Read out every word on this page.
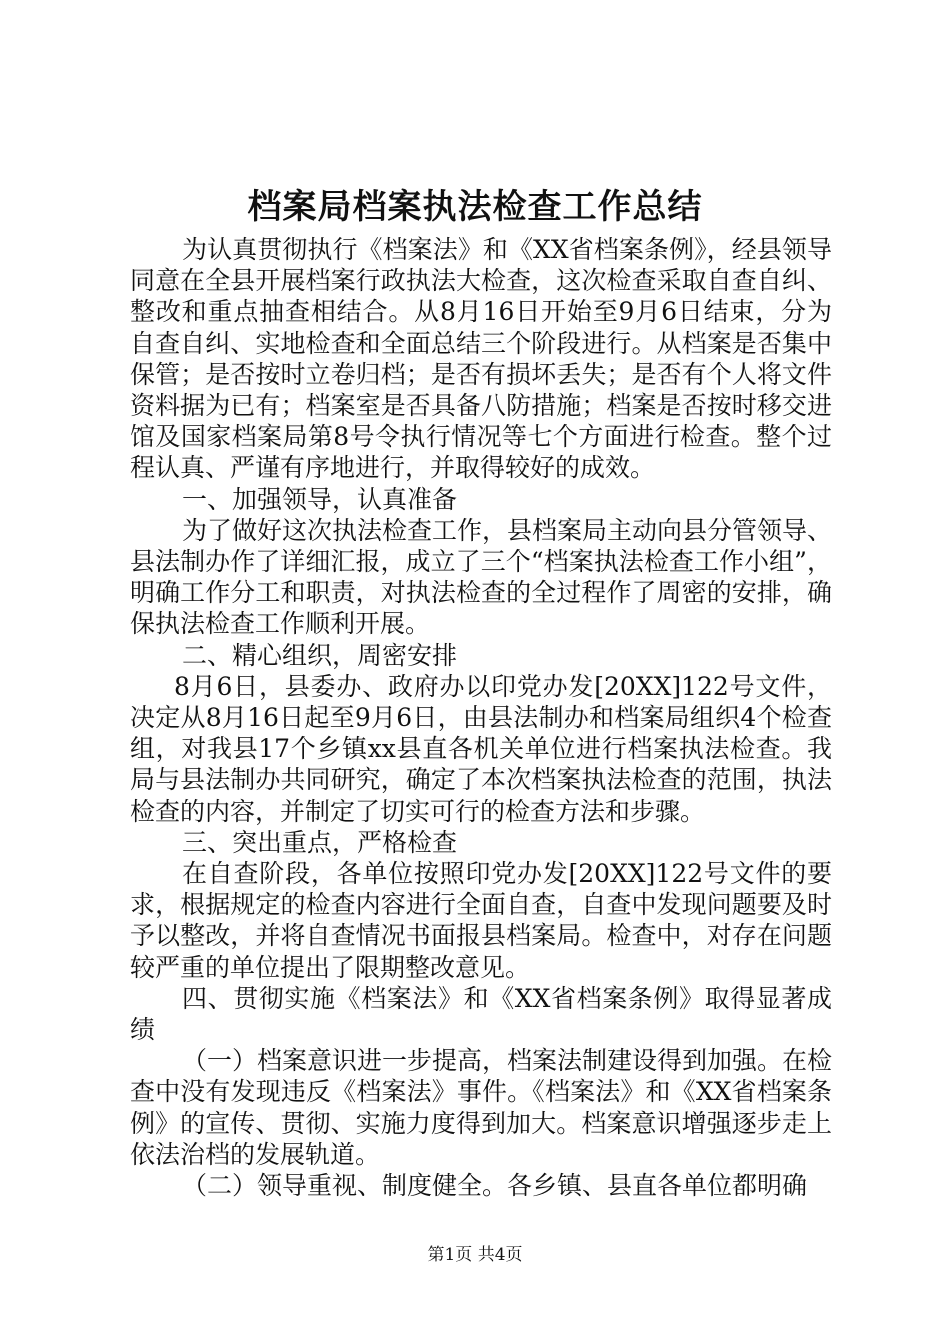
档案局档案执法检查工作总结

为认真贯彻执行《档案法》和《XX省档案条例》，经县领导同意在全县开展档案行政执法大检查，这次检查采取自查自纠、整改和重点抽查相结合。从8月16日开始至9月6日结束，分为自查自纠、实地检查和全面总结三个阶段进行。从档案是否集中保管；是否按时立卷归档；是否有损坏丢失；是否有个人将文件资料据为已有；档案室是否具备八防措施；档案是否按时移交进馆及国家档案局第8号令执行情况等七个方面进行检查。整个过程认真、严谨有序地进行，并取得较好的成效。

一、加强领导，认真准备

为了做好这次执法检查工作，县档案局主动向县分管领导、县法制办作了详细汇报，成立了三个“档案执法检查工作小组”，明确工作分工和职责，对执法检查的全过程作了周密的安排，确保执法检查工作顺利开展。

二、精心组织，周密安排

8月6日，县委办、政府办以印党办发[20XX]122号文件，决定从8月16日起至9月6日，由县法制办和档案局组织4个检查组，对我县17个乡镇xx县直各机关单位进行档案执法检查。我局与县法制办共同研究，确定了本次档案执法检查的范围，执法检查的内容，并制定了切实可行的检查方法和步骤。

三、突出重点，严格检查

在自查阶段，各单位按照印党办发[20XX]122号文件的要求，根据规定的检查内容进行全面自查，自查中发现问题要及时予以整改，并将自查情况书面报县档案局。检查中，对存在问题较严重的单位提出了限期整改意见。

四、贯彻实施《档案法》和《XX省档案条例》取得显著成绩

（一）档案意识进一步提高，档案法制建设得到加强。在检查中没有发现违反《档案法》事件。《档案法》和《XX省档案条例》的宣传、贯彻、实施力度得到加大。档案意识增强逐步走上依法治档的发展轨道。

（二）领导重视、制度健全。各乡镇、县直各单位都明确

第1页 共4页
